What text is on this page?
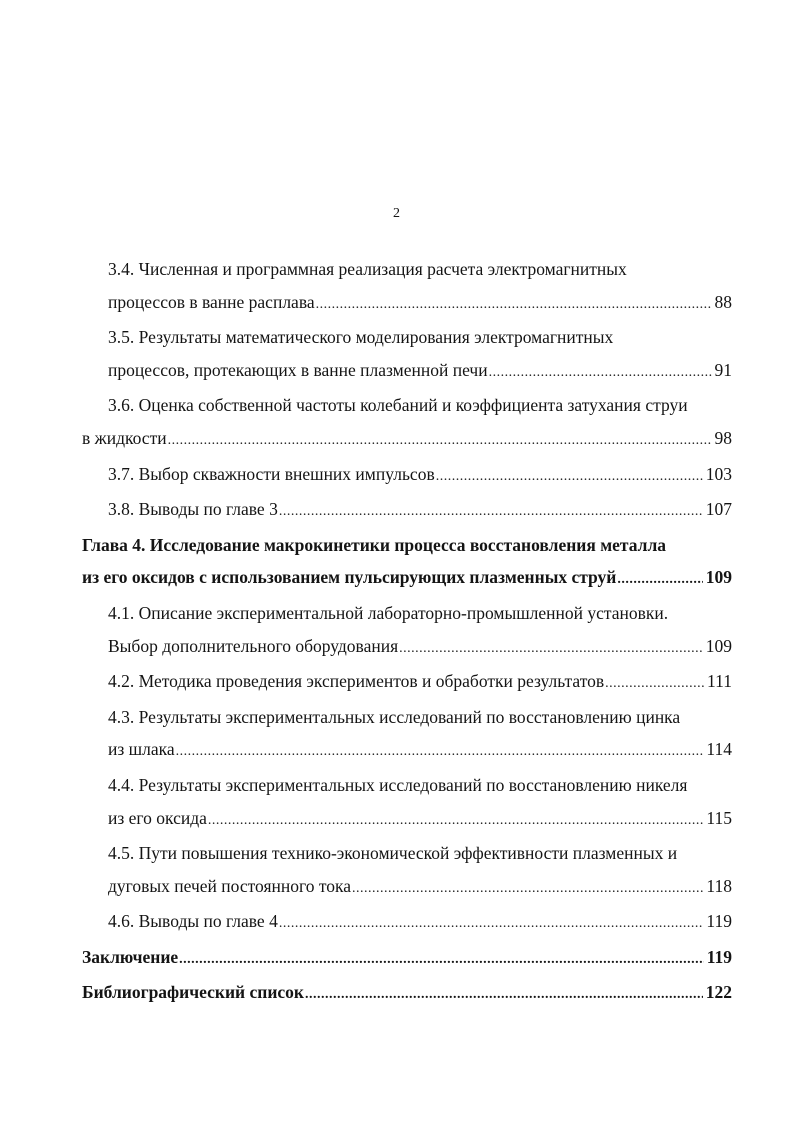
2
3.4. Численная и программная реализация расчета электромагнитных
процессов в ванне расплава .....	88
3.5. Результаты математического моделирования электромагнитных
процессов, протекающих в ванне плазменной печи .....	91
3.6. Оценка собственной частоты колебаний и коэффициента затухания струи
в жидкости .....	98
3.7. Выбор скважности внешних импульсов .....	103
3.8. Выводы по главе 3 .....	107
Глава 4. Исследование макрокинетики процесса восстановления металла
из его оксидов с использованием пульсирующих плазменных струй .....	109
4.1. Описание экспериментальной лабораторно-промышленной установки.
Выбор дополнительного оборудования .....	109
4.2. Методика проведения экспериментов и обработки результатов .....	111
4.3. Результаты экспериментальных исследований по восстановлению цинка
из шлака .....	114
4.4. Результаты экспериментальных исследований по восстановлению никеля
из его оксида .....	115
4.5. Пути повышения технико-экономической эффективности плазменных и
дуговых печей постоянного тока .....	118
4.6. Выводы по главе 4 .....	119
Заключение .....	119
Библиографический список .....	122
